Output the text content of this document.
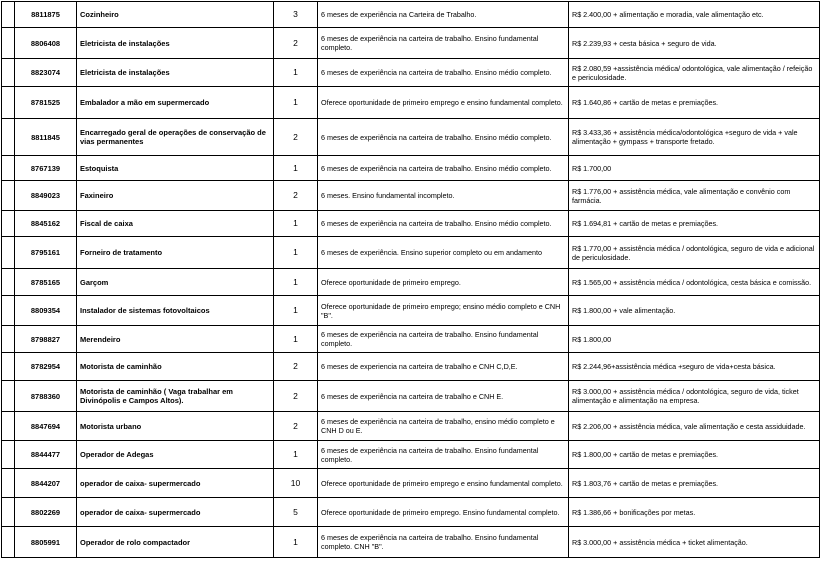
	8811875	Cozinheiro	3	6 meses de experiência na Carteira de Trabalho.	R$ 2.400,00 + alimentação e moradia, vale alimentação etc.
	8806408	Eletricista de instalações	2	6 meses de experiência na carteira de trabalho. Ensino fundamental completo.	R$ 2.239,93 + cesta básica + seguro de vida.
	8823074	Eletricista de instalações	1	6 meses de experiência na carteira de trabalho. Ensino médio completo.	R$ 2.080,59 +assistência médica/ odontológica, vale alimentação / refeição e periculosidade.
	8781525	Embalador a mão em supermercado	1	Oferece oportunidade de primeiro emprego e ensino fundamental completo.	R$ 1.640,86 + cartão de metas e premiações.
	8811845	Encarregado geral de operações de conservação de vias permanentes	2	6 meses de experiência na carteira de trabalho. Ensino médio completo.	R$ 3.433,36 + assistência médica/odontológica +seguro de vida + vale alimentação + gympass + transporte fretado.
	8767139	Estoquista	1	6 meses de experiência na carteira de trabalho. Ensino médio completo.	R$ 1.700,00
	8849023	Faxineiro	2	6 meses. Ensino fundamental incompleto.	R$ 1.776,00 + assistência médica, vale alimentação e convênio com farmácia.
	8845162	Fiscal de caixa	1	6 meses de experiência na carteira de trabalho. Ensino médio completo.	R$ 1.694,81 + cartão de metas e premiações.
	8795161	Forneiro de tratamento	1	6 meses de experiência. Ensino superior completo ou em andamento	R$ 1.770,00 + assistência médica / odontológica, seguro de vida e adicional de periculosidade.
	8785165	Garçom	1	Oferece oportunidade de primeiro emprego.	R$ 1.565,00 + assistência médica / odontológica, cesta básica e comissão.
	8809354	Instalador de sistemas fotovoltaicos	1	Oferece oportunidade de primeiro emprego; ensino médio completo e CNH "B".	R$ 1.800,00 + vale alimentação.
	8798827	Merendeiro	1	6 meses de experiência na carteira de trabalho. Ensino fundamental completo.	R$ 1.800,00
	8782954	Motorista de caminhão	2	6 meses de experiencia na carteira de trabalho e CNH C,D,E.	R$ 2.244,96+assistência médica +seguro de vida+cesta básica.
	8788360	Motorista de caminhão ( Vaga trabalhar em Divinópolis e Campos Altos).	2	6 meses de experiência na carteira de trabalho e CNH E.	R$ 3.000,00 + assistência médica / odontológica, seguro de vida, ticket alimentação e alimentação na empresa.
	8847694	Motorista urbano	2	6 meses de experiência na carteira de trabalho, ensino médio completo e CNH D ou E.	R$ 2.206,00 + assistência médica, vale alimentação e cesta assiduidade.
	8844477	Operador de Adegas	1	6 meses de experiência na carteira de trabalho. Ensino fundamental completo.	R$ 1.800,00 + cartão de metas e premiações.
	8844207	operador de caixa- supermercado	10	Oferece oportunidade de primeiro emprego e ensino fundamental completo.	R$ 1.803,76 + cartão de metas e premiações.
	8802269	operador de caixa- supermercado	5	Oferece oportunidade de primeiro emprego. Ensino fundamental completo.	R$ 1.386,66 + bonificações por metas.
	8805991	Operador de rolo compactador	1	6 meses de experiência na carteira de trabalho. Ensino fundamental completo. CNH "B".	R$ 3.000,00 + assistência médica + ticket alimentação.
